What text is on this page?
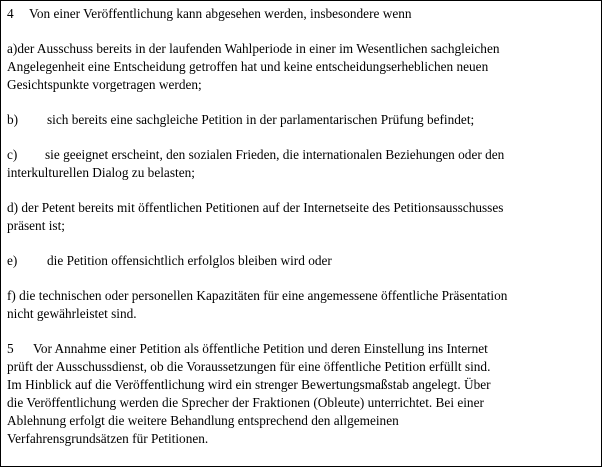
4 Von einer Veröffentlichung kann abgesehen werden, insbesondere wenn
a)der Ausschuss bereits in der laufenden Wahlperiode in einer im Wesentlichen sachgleichen
Angelegenheit eine Entscheidung getroffen hat und keine entscheidungserheblichen neuen
Gesichtspunkte vorgetragen werden;
b) sich bereits eine sachgleiche Petition in der parlamentarischen Prüfung befindet;
c) sie geeignet erscheint, den sozialen Frieden, die internationalen Beziehungen oder den
interkulturellen Dialog zu belasten;
d) der Petent bereits mit öffentlichen Petitionen auf der Internetseite des Petitionsausschusses
präsent ist;
e) die Petition offensichtlich erfolglos bleiben wird oder
f) die technischen oder personellen Kapazitäten für eine angemessene öffentliche Präsentation
nicht gewährleistet sind.
5 Vor Annahme einer Petition als öffentliche Petition und deren Einstellung ins Internet
prüft der Ausschussdienst, ob die Voraussetzungen für eine öffentliche Petition erfüllt sind.
Im Hinblick auf die Veröffentlichung wird ein strenger Bewertungsmaßstab angelegt. Über
die Veröffentlichung werden die Sprecher der Fraktionen (Obleute) unterrichtet. Bei einer
Ablehnung erfolgt die weitere Behandlung entsprechend den allgemeinen
Verfahrensgrundsätzen für Petitionen.
